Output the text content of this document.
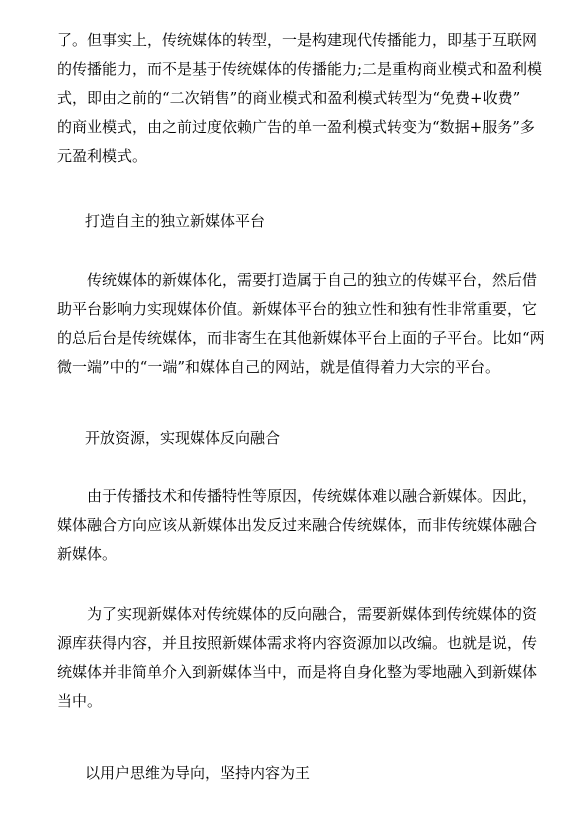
了。但事实上，传统媒体的转型，一是构建现代传播能力，即基于互联网
的传播能力，而不是基于传统媒体的传播能力;二是重构商业模式和盈利模
式，即由之前的“二次销售”的商业模式和盈利模式转型为“免费+收费”
的商业模式，由之前过度依赖广告的单一盈利模式转变为“数据+服务”多
元盈利模式。
打造自主的独立新媒体平台
传统媒体的新媒体化，需要打造属于自己的独立的传媒平台，然后借
助平台影响力实现媒体价值。新媒体平台的独立性和独有性非常重要，它
的总后台是传统媒体，而非寄生在其他新媒体平台上面的子平台。比如“两
微一端”中的“一端”和媒体自己的网站，就是值得着力大宗的平台。
开放资源，实现媒体反向融合
由于传播技术和传播特性等原因，传统媒体难以融合新媒体。因此，
媒体融合方向应该从新媒体出发反过来融合传统媒体，而非传统媒体融合
新媒体。
为了实现新媒体对传统媒体的反向融合，需要新媒体到传统媒体的资
源库获得内容，并且按照新媒体需求将内容资源加以改编。也就是说，传
统媒体并非简单介入到新媒体当中，而是将自身化整为零地融入到新媒体
当中。
以用户思维为导向，坚持内容为王
